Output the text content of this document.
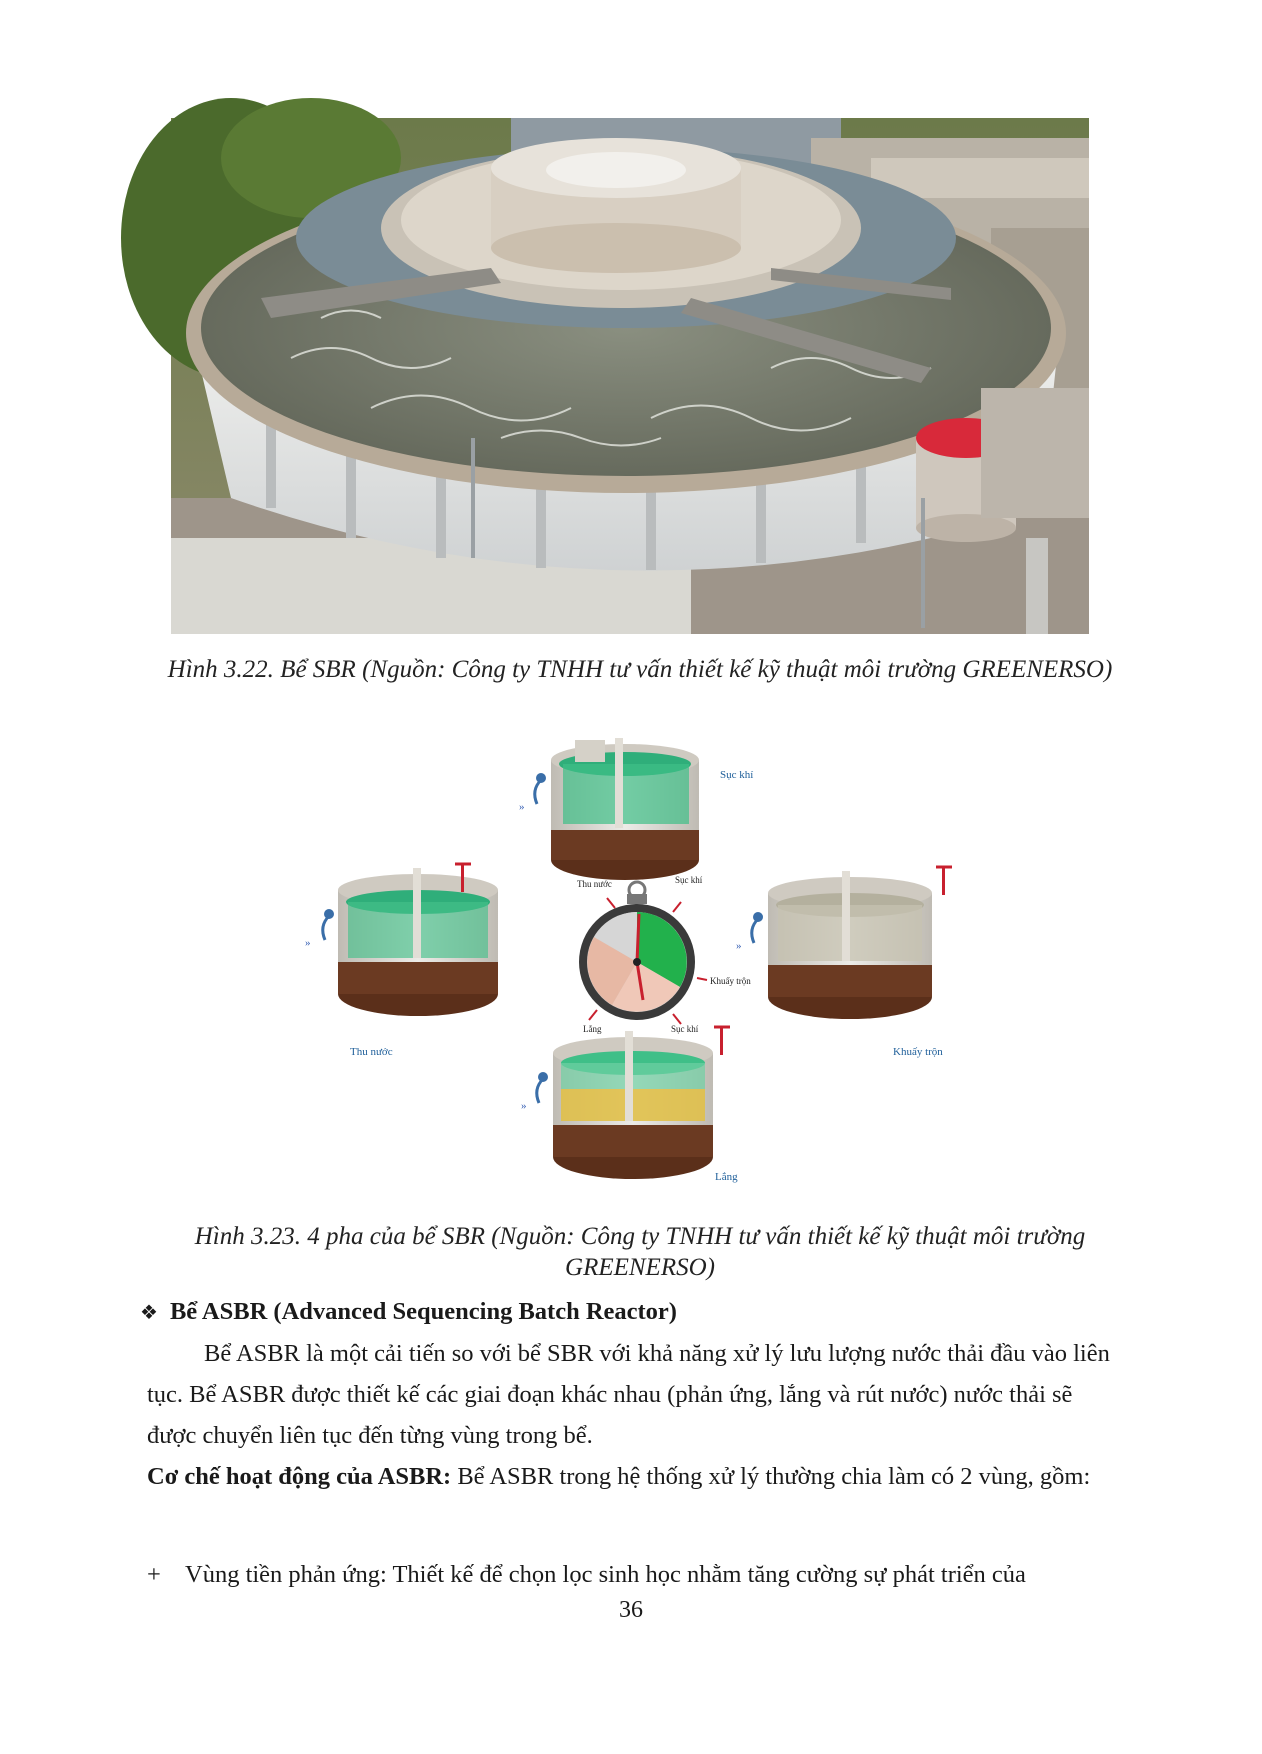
Hình 3.22. Bể SBR (Nguồn: Công ty TNHH tư vấn thiết kế kỹ thuật môi trường GREENERSO)
»
Sục khí
»
Thu nước
Thu nước	Sục khí
Khuấy trộn
Lắng	Sục khí
»
Khuấy trộn
»
Lắng
Hình 3.23. 4 pha của bể SBR (Nguồn: Công ty TNHH tư vấn thiết kế kỹ thuật môi trường GREENERSO)
❖ Bể ASBR (Advanced Sequencing Batch Reactor)
Bể ASBR là một cải tiến so với bể SBR với khả năng xử lý lưu lượng nước thải đầu vào liên tục. Bể ASBR được thiết kế các giai đoạn khác nhau (phản ứng, lắng và rút nước) nước thải sẽ được chuyển liên tục đến từng vùng trong bể.
Cơ chế hoạt động của ASBR: Bể ASBR trong hệ thống xử lý thường chia làm có 2 vùng, gồm:
+ Vùng tiền phản ứng: Thiết kế để chọn lọc sinh học nhằm tăng cường sự phát triển của
36
